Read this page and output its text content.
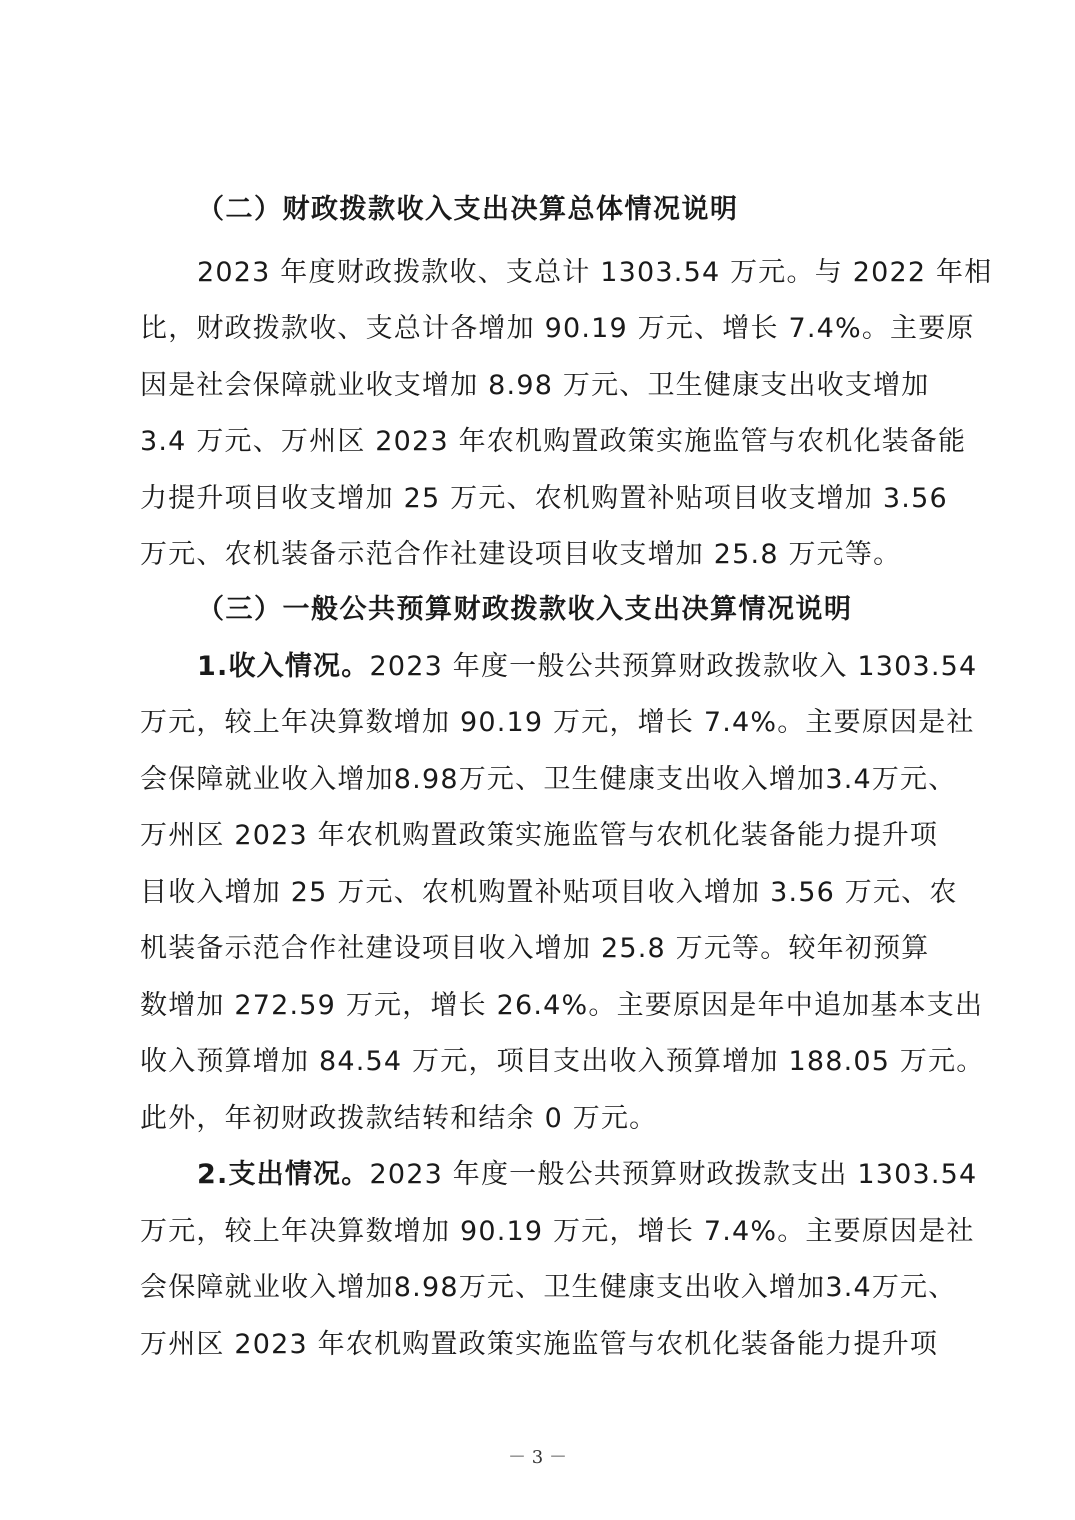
（二）财政拨款收入支出决算总体情况说明
2023 年度财政拨款收、支总计 1303.54 万元。与 2022 年相
比，财政拨款收、支总计各增加 90.19 万元、增长 7.4%。主要原
因是社会保障就业收支增加 8.98 万元、卫生健康支出收支增加
3.4 万元、万州区 2023 年农机购置政策实施监管与农机化装备能
力提升项目收支增加 25 万元、农机购置补贴项目收支增加 3.56
万元、农机装备示范合作社建设项目收支增加 25.8 万元等。
（三）一般公共预算财政拨款收入支出决算情况说明
1.收入情况。2023 年度一般公共预算财政拨款收入 1303.54
万元，较上年决算数增加 90.19 万元，增长 7.4%。主要原因是社
会保障就业收入增加8.98万元、卫生健康支出收入增加3.4万元、
万州区 2023 年农机购置政策实施监管与农机化装备能力提升项
目收入增加 25 万元、农机购置补贴项目收入增加 3.56 万元、农
机装备示范合作社建设项目收入增加 25.8 万元等。较年初预算
数增加 272.59 万元，增长 26.4%。主要原因是年中追加基本支出
收入预算增加 84.54 万元，项目支出收入预算增加 188.05 万元。
此外，年初财政拨款结转和结余 0 万元。
2.支出情况。2023 年度一般公共预算财政拨款支出 1303.54
万元，较上年决算数增加 90.19 万元，增长 7.4%。主要原因是社
会保障就业收入增加8.98万元、卫生健康支出收入增加3.4万元、
万州区 2023 年农机购置政策实施监管与农机化装备能力提升项
－ 3 －
